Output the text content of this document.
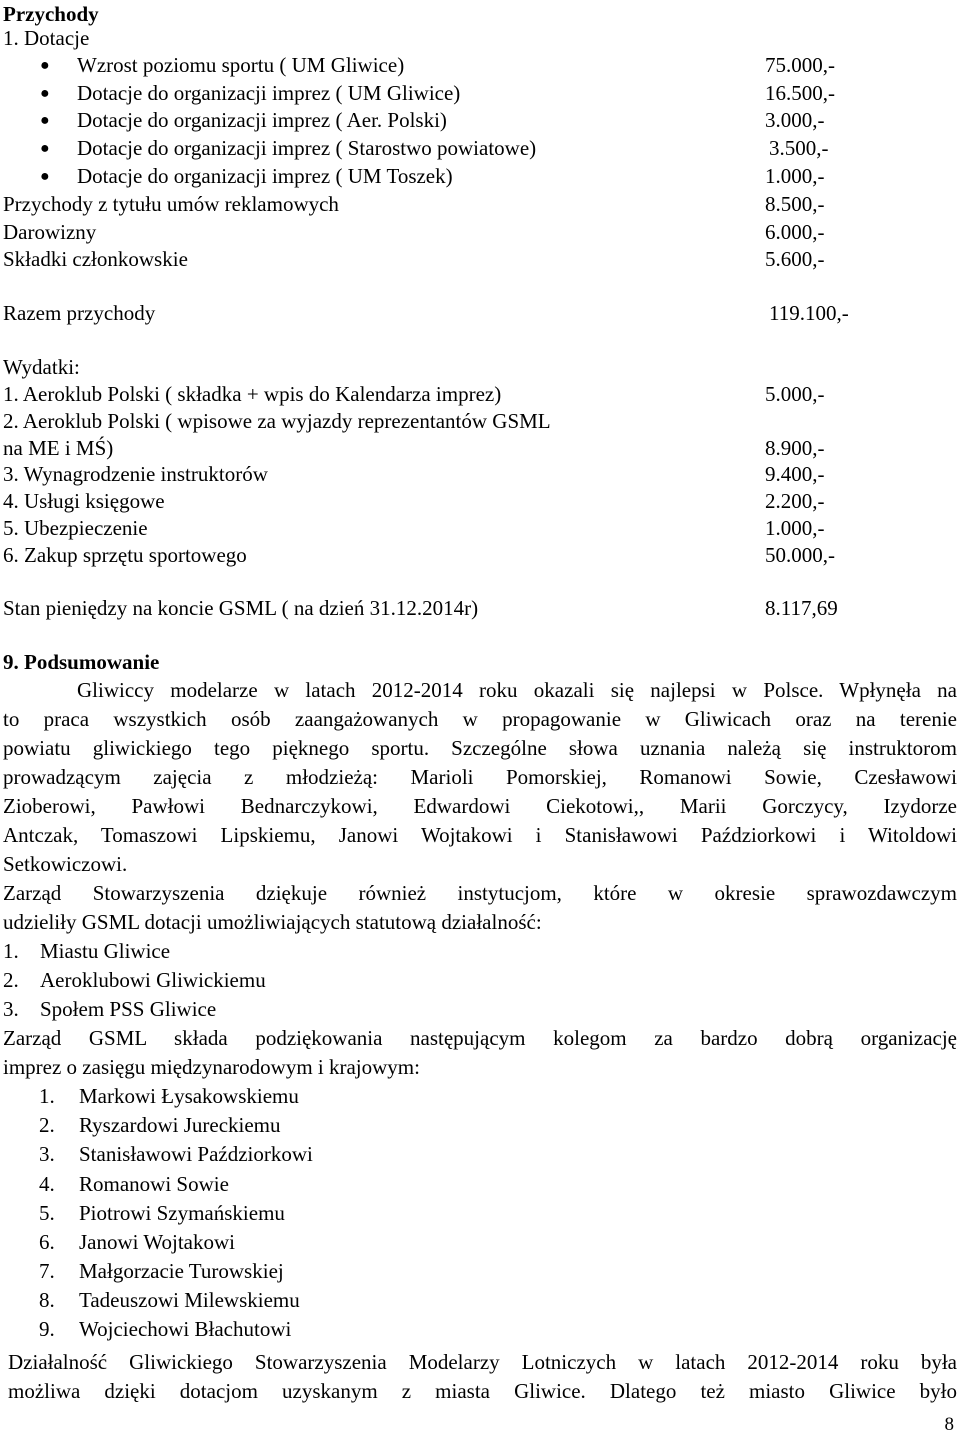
Przychody
1. Dotacje
● Wzrost poziomu sportu ( UM Gliwice)	75.000,-
● Dotacje do organizacji imprez ( UM Gliwice)	16.500,-
● Dotacje do organizacji imprez ( Aer. Polski)	3.000,-
● Dotacje do organizacji imprez ( Starostwo powiatowe)	3.500,-
● Dotacje do organizacji imprez ( UM Toszek)	1.000,-
Przychody z tytułu umów reklamowych	8.500,-
Darowizny	6.000,-
Składki członkowskie	5.600,-
Razem przychody	119.100,-
Wydatki:
1. Aeroklub Polski ( składka + wpis do Kalendarza imprez)	5.000,-
2. Aeroklub Polski ( wpisowe za wyjazdy reprezentantów GSML
na ME i MŚ)	8.900,-
3. Wynagrodzenie instruktorów	9.400,-
4. Usługi księgowe	2.200,-
5. Ubezpieczenie	1.000,-
6. Zakup sprzętu sportowego	50.000,-
Stan pieniędzy na koncie GSML ( na dzień 31.12.2014r)	8.117,69
9. Podsumowanie
Gliwiccy modelarze w latach 2012-2014 roku okazali się najlepsi w Polsce. Wpłynęła na
to praca wszystkich osób zaangażowanych w propagowanie w Gliwicach oraz na terenie
powiatu gliwickiego tego pięknego sportu. Szczególne słowa uznania należą się instruktorom
prowadzącym zajęcia z młodzieżą: Marioli Pomorskiej, Romanowi Sowie, Czesławowi
Zioberowi, Pawłowi Bednarczykowi, Edwardowi Ciekotowi,, Marii Gorczycy, Izydorze
Antczak, Tomaszowi Lipskiemu, Janowi Wojtakowi i Stanisławowi Paździorkowi i Witoldowi
Setkowiczowi.
Zarząd Stowarzyszenia dziękuje również instytucjom, które w okresie sprawozdawczym
udzieliły GSML dotacji umożliwiających statutową działalność:
1. Miastu Gliwice
2. Aeroklubowi Gliwickiemu
3. Społem PSS Gliwice
Zarząd GSML składa podziękowania następującym kolegom za bardzo dobrą organizację
imprez o zasięgu międzynarodowym i krajowym:
1. Markowi Łysakowskiemu
2. Ryszardowi Jureckiemu
3. Stanisławowi Paździorkowi
4. Romanowi Sowie
5. Piotrowi Szymańskiemu
6. Janowi Wojtakowi
7. Małgorzacie Turowskiej
8. Tadeuszowi Milewskiemu
9. Wojciechowi Błachutowi
Działalność Gliwickiego Stowarzyszenia Modelarzy Lotniczych w latach 2012-2014 roku była
możliwa dzięki dotacjom uzyskanym z miasta Gliwice. Dlatego też miasto Gliwice było
8
